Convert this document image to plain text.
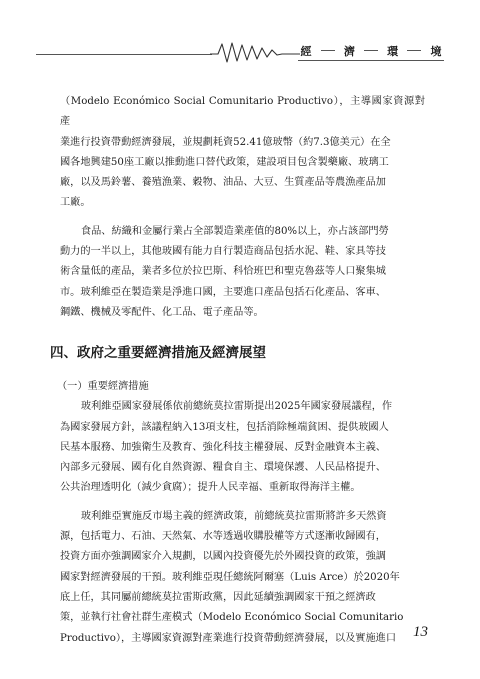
經	濟	環	境
（Modelo Económico Social Comunitario Productivo），主導國家資源對產
業進行投資帶動經濟發展，並規劃耗資52.41億玻幣（約7.3億美元）在全
國各地興建50座工廠以推動進口替代政策，建設項目包含製藥廠、玻璃工
廠，以及馬鈴薯、養殖漁業、穀物、油品、大豆、生質產品等農漁產品加
工廠。
食品、紡織和金屬行業占全部製造業產值的80%以上，亦占該部門勞
動力的一半以上，其他玻國有能力自行製造商品包括水泥、鞋、家具等技
術含量低的產品，業者多位於拉巴斯、科恰班巴和聖克魯茲等人口聚集城
市。玻利維亞在製造業是淨進口國，主要進口產品包括石化產品、客車、
鋼鐵、機械及零配件、化工品、電子產品等。
四、政府之重要經濟措施及經濟展望
（一）重要經濟措施
玻利維亞國家發展係依前總統莫拉雷斯提出2025年國家發展議程，作
為國家發展方針，該議程納入13項支柱，包括消除極端貧困、提供玻國人
民基本服務、加強衛生及教育、強化科技主權發展、反對金融資本主義、
內部多元發展、國有化自然資源、糧食自主、環境保護、人民品格提升、
公共治理透明化（減少貪腐）；提升人民幸福、重新取得海洋主權。
玻利維亞實施反市場主義的經濟政策，前總統莫拉雷斯將許多天然資
源，包括電力、石油、天然氣、水等透過收購股權等方式逐漸收歸國有，
投資方面亦強調國家介入規劃，以國內投資優先於外國投資的政策，強調
國家對經濟發展的干預。玻利維亞現任總統阿爾塞（Luis Arce）於2020年
底上任，其同屬前總統莫拉雷斯政黨，因此延續強調國家干預之經濟政
策，並執行社會社群生產模式（Modelo Económico Social Comunitario
Productivo），主導國家資源對產業進行投資帶動經濟發展，以及實施進口	13
